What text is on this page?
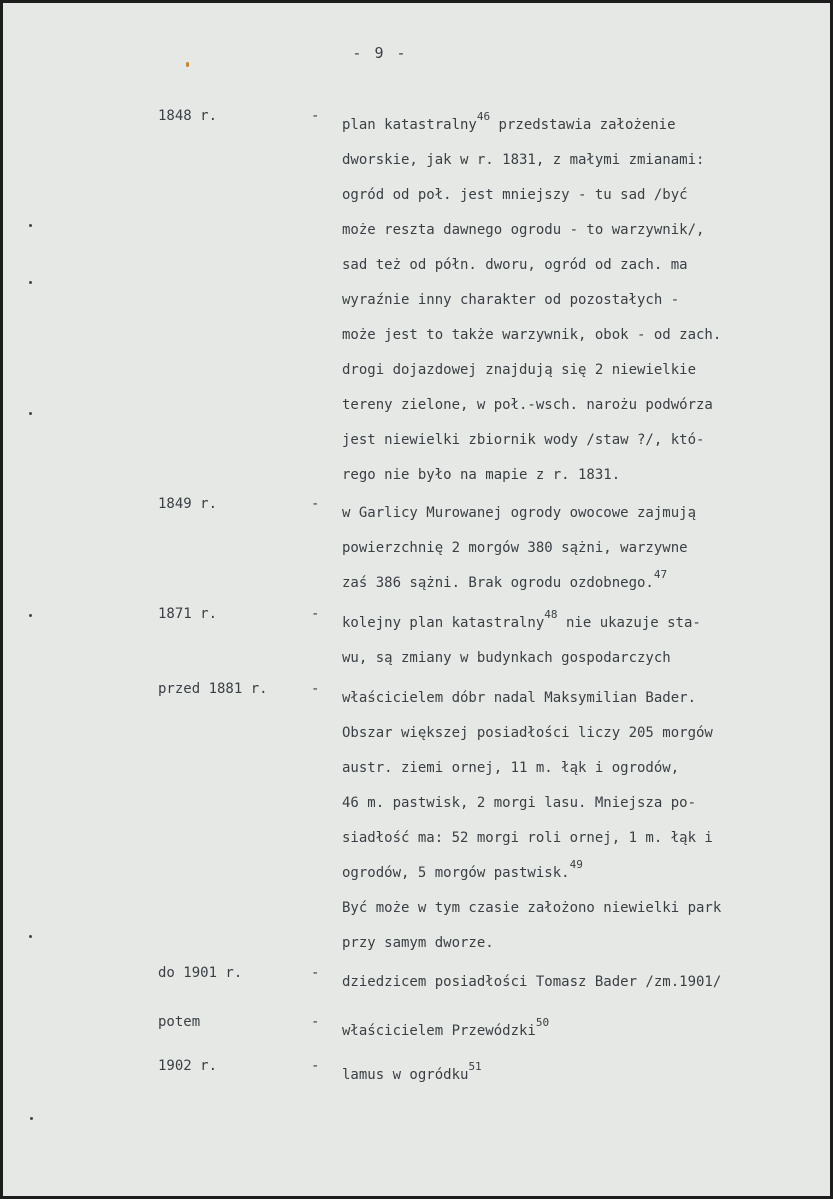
- 9 -
1848 r.	-
plan katastralny$^{46}$ przedstawia założenie
dworskie, jak w r. 1831, z małymi zmianami:
ogród od poł. jest mniejszy - tu sad /być
może reszta dawnego ogrodu - to warzywnik/,
sad też od półn. dworu, ogród od zach. ma
wyraźnie inny charakter od pozostałych -
może jest to także warzywnik, obok - od zach.
drogi dojazdowej znajdują się 2 niewielkie
tereny zielone, w poł.-wsch. narożu podwórza
jest niewielki zbiornik wody /staw ?/, któ-
rego nie było na mapie z r. 1831.
1849 r.	-
w Garlicy Murowanej ogrody owocowe zajmują
powierzchnię 2 morgów 380 sążni, warzywne
zaś 386 sążni. Brak ogrodu ozdobnego.$^{47}$
1871 r.	-
kolejny plan katastralny$^{48}$ nie ukazuje sta-
wu, są zmiany w budynkach gospodarczych
przed 1881 r.	-
właścicielem dóbr nadal Maksymilian Bader.
Obszar większej posiadłości liczy 205 morgów
austr. ziemi ornej, 11 m. łąk i ogrodów,
46 m. pastwisk, 2 morgi lasu. Mniejsza po-
siadłość ma: 52 morgi roli ornej, 1 m. łąk i
ogrodów, 5 morgów pastwisk.$^{49}$
Być może w tym czasie założono niewielki park
przy samym dworze.
do 1901 r.	-
dziedzicem posiadłości Tomasz Bader /zm.1901/
potem	-
właścicielem Przewódzki$^{50}$
1902 r.	-
lamus w ogródku$^{51}$
